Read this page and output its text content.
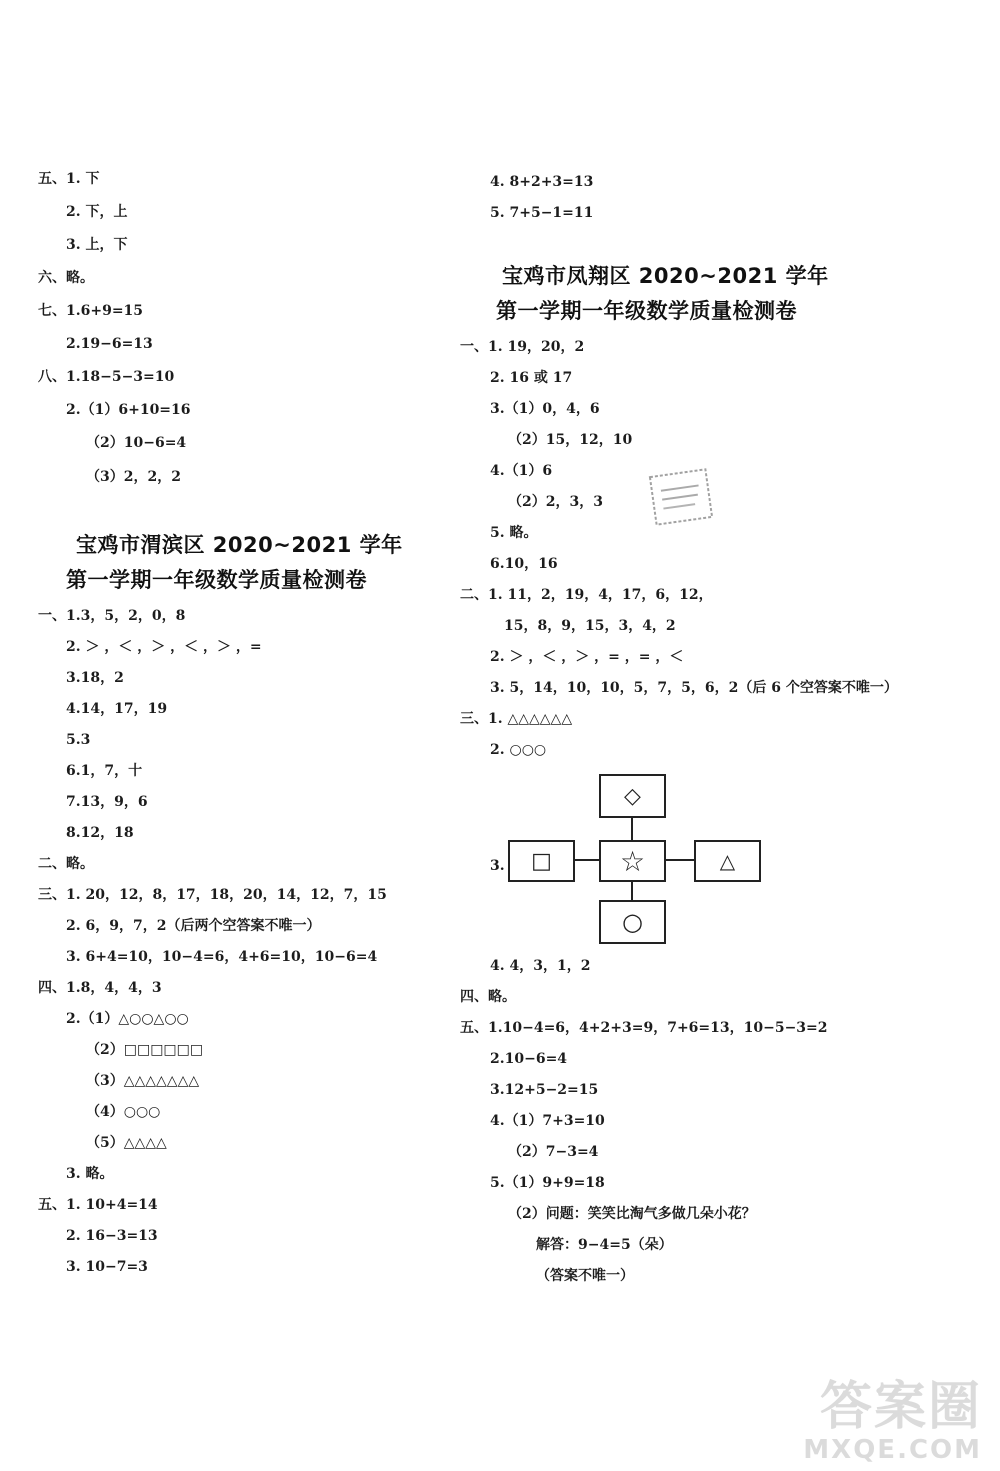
五、1. 下
2. 下，上
3. 上，下
六、略。
七、1.6+9=15
2.19−6=13
八、1.18−5−3=10
2.（1）6+10=16
（2）10−6=4
（3）2，2，2
宝鸡市渭滨区 2020~2021 学年
第一学期一年级数学质量检测卷
一、1.3，5，2，0，8
2. ＞ ，＜ ，＞ ，＜ ，＞ ，=
3.18，2
4.14，17，19
5.3
6.1，7，十
7.13，9，6
8.12，18
二、略。
三、1. 20，12，8，17，18，20，14，12，7，15
2. 6，9，7，2（后两个空答案不唯一）
3. 6+4=10，10−4=6，4+6=10，10−6=4
四、1.8，4，4，3
2.（1）△○○△○○
（2）□□□□□□
（3）△△△△△△△
（4）○○○
（5）△△△△
3. 略。
五、1. 10+4=14
2. 16−3=13
3. 10−7=3
4. 8+2+3=13
5. 7+5−1=11
宝鸡市凤翔区 2020~2021 学年
第一学期一年级数学质量检测卷
一、1. 19，20，2
2. 16 或 17
3.（1）0，4，6
（2）15，12，10
4.（1）6
（2）2，3，3
5. 略。
6.10，16
二、1. 11，2，19，4，17，6，12，
15，8，9，15，3，4，2
2. ＞ ，＜ ，＞ ，= ，= ，＜
3. 5，14，10，10，5，7，5，6，2（后 6 个空答案不唯一）
三、1. △△△△△△
2. ○○○
3.
◇
□ ☆	△
○
4. 4，3，1，2
四、略。
五、1.10−4=6，4+2+3=9，7+6=13，10−5−3=2
2.10−6=4
3.12+5−2=15
4.（1）7+3=10
（2）7−3=4
5.（1）9+9=18
（2）问题：笑笑比淘气多做几朵小花？
解答：9−4=5（朵）
（答案不唯一）
答案圈
MXQE.COM
